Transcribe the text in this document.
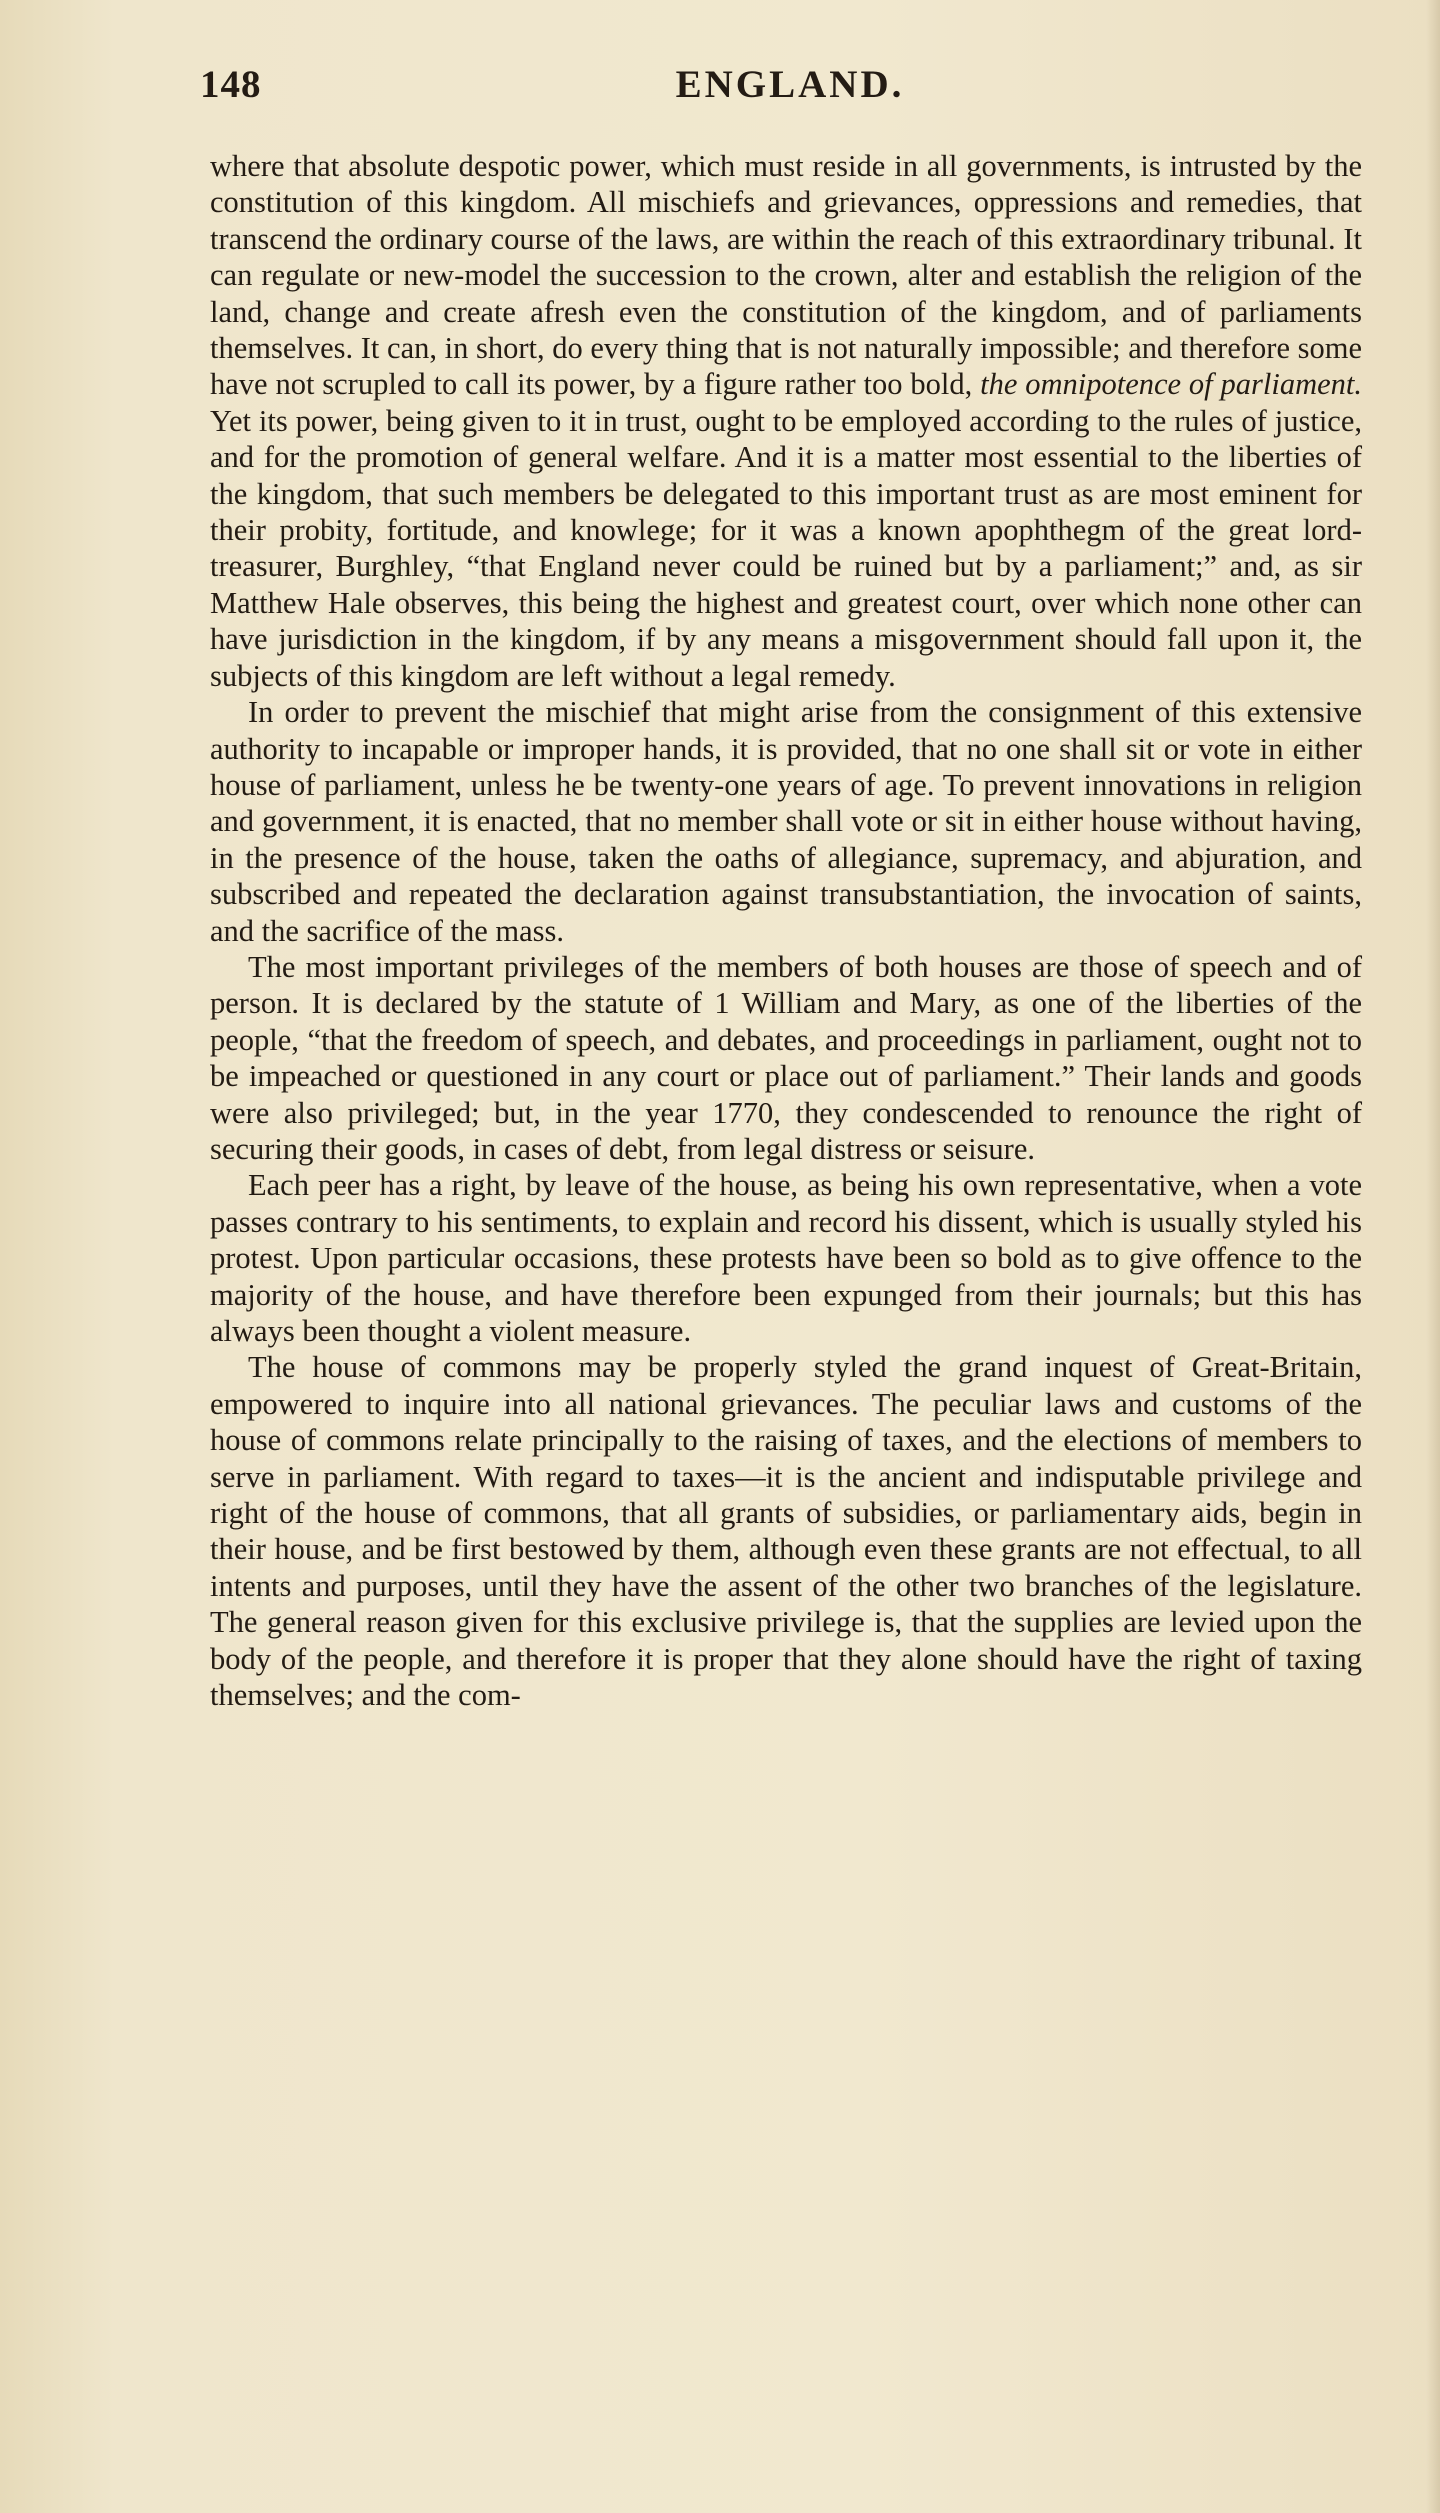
148	ENGLAND.

where that absolute despotic power, which must reside in all governments, is intrusted by the constitution of this kingdom. All mischiefs and grievances, oppressions and remedies, that transcend the ordinary course of the laws, are within the reach of this extraordinary tribunal. It can regulate or new-model the succession to the crown, alter and establish the religion of the land, change and create afresh even the constitution of the kingdom, and of parliaments themselves. It can, in short, do every thing that is not naturally impossible; and therefore some have not scrupled to call its power, by a figure rather too bold, the omnipotence of parliament. Yet its power, being given to it in trust, ought to be employed according to the rules of justice, and for the promotion of general welfare. And it is a matter most essential to the liberties of the kingdom, that such members be delegated to this important trust as are most eminent for their probity, fortitude, and knowlege; for it was a known apophthegm of the great lord-treasurer, Burghley, “that England never could be ruined but by a parliament;” and, as sir Matthew Hale observes, this being the highest and greatest court, over which none other can have jurisdiction in the kingdom, if by any means a misgovernment should fall upon it, the subjects of this kingdom are left without a legal remedy.

In order to prevent the mischief that might arise from the consignment of this extensive authority to incapable or improper hands, it is provided, that no one shall sit or vote in either house of parliament, unless he be twenty-one years of age. To prevent innovations in religion and government, it is enacted, that no member shall vote or sit in either house without having, in the presence of the house, taken the oaths of allegiance, supremacy, and abjuration, and subscribed and repeated the declaration against transubstantiation, the invocation of saints, and the sacrifice of the mass.

The most important privileges of the members of both houses are those of speech and of person. It is declared by the statute of 1 William and Mary, as one of the liberties of the people, “that the freedom of speech, and debates, and proceedings in parliament, ought not to be impeached or questioned in any court or place out of parliament.” Their lands and goods were also privileged; but, in the year 1770, they condescended to renounce the right of securing their goods, in cases of debt, from legal distress or seisure.

Each peer has a right, by leave of the house, as being his own representative, when a vote passes contrary to his sentiments, to explain and record his dissent, which is usually styled his protest. Upon particular occasions, these protests have been so bold as to give offence to the majority of the house, and have therefore been expunged from their journals; but this has always been thought a violent measure.

The house of commons may be properly styled the grand inquest of Great-Britain, empowered to inquire into all national grievances. The peculiar laws and customs of the house of commons relate principally to the raising of taxes, and the elections of members to serve in parliament. With regard to taxes—it is the ancient and indisputable privilege and right of the house of commons, that all grants of subsidies, or parliamentary aids, begin in their house, and be first bestowed by them, although even these grants are not effectual, to all intents and purposes, until they have the assent of the other two branches of the legislature. The general reason given for this exclusive privilege is, that the supplies are levied upon the body of the people, and therefore it is proper that they alone should have the right of taxing themselves; and the com-
